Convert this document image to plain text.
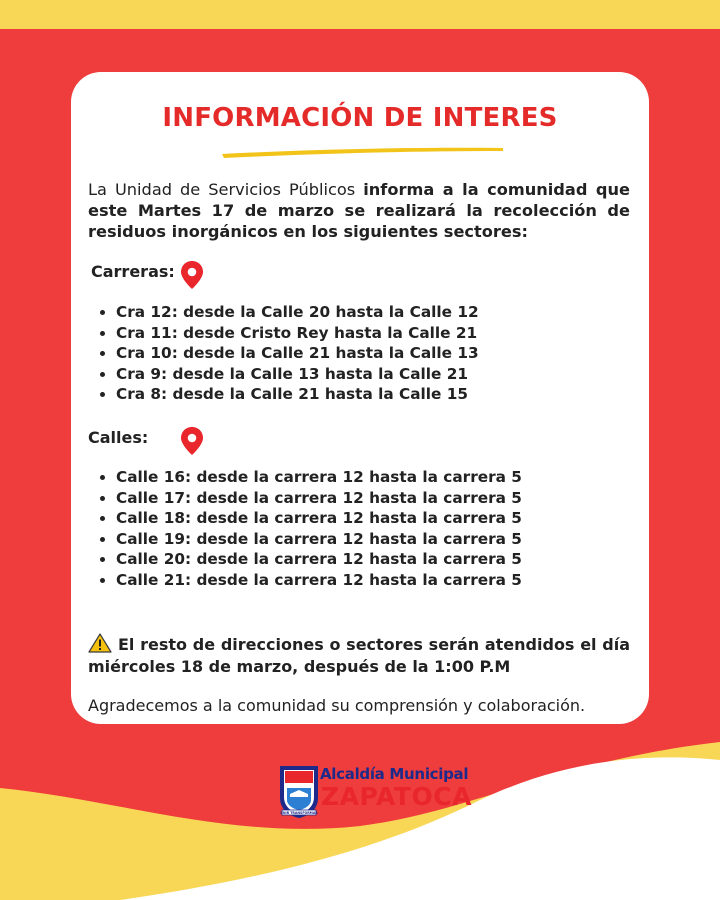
INFORMACIÓN DE INTERES
La Unidad de Servicios Públicos informa a la comunidad que este Martes 17 de marzo se realizará la recolección de residuos inorgánicos en los siguientes sectores:
Carreras:
• Cra 12: desde la Calle 20 hasta la Calle 12
• Cra 11: desde Cristo Rey hasta la Calle 21
• Cra 10: desde la Calle 21 hasta la Calle 13
• Cra 9: desde la Calle 13 hasta la Calle 21
• Cra 8: desde la Calle 21 hasta la Calle 15
Calles:
• Calle 16: desde la carrera 12 hasta la carrera 5
• Calle 17: desde la carrera 12 hasta la carrera 5
• Calle 18: desde la carrera 12 hasta la carrera 5
• Calle 19: desde la carrera 12 hasta la carrera 5
• Calle 20: desde la carrera 12 hasta la carrera 5
• Calle 21: desde la carrera 12 hasta la carrera 5
El resto de direcciones o sectores serán atendidos el día miércoles 18 de marzo, después de la 1:00 P.M
Agradecemos a la comunidad su comprensión y colaboración.
UNIR TRANSFORMAR
Alcaldía Municipal
ZAPATOCA
